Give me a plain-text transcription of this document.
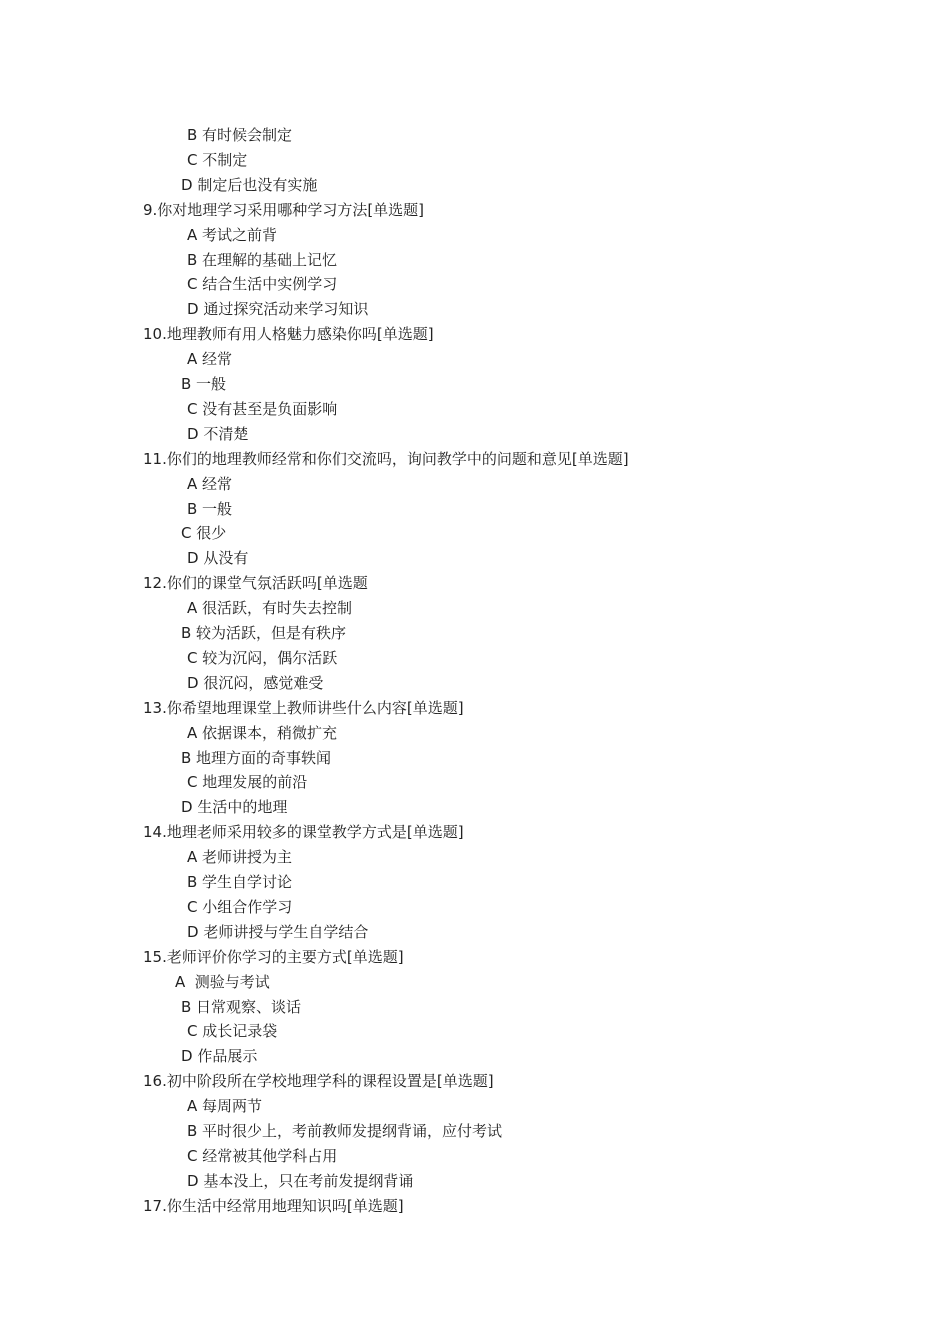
B 有时候会制定
C 不制定
D 制定后也没有实施
9.你对地理学习采用哪种学习方法[单选题]
A 考试之前背
B 在理解的基础上记忆
C 结合生活中实例学习
D 通过探究活动来学习知识
10.地理教师有用人格魅力感染你吗[单选题]
A 经常
B 一般
C 没有甚至是负面影响
D 不清楚
11.你们的地理教师经常和你们交流吗，询问教学中的问题和意见[单选题]
A 经常
B 一般
C 很少
D 从没有
12.你们的课堂气氛活跃吗[单选题
A 很活跃，有时失去控制
B 较为活跃，但是有秩序
C 较为沉闷，偶尔活跃
D 很沉闷，感觉难受
13.你希望地理课堂上教师讲些什么内容[单选题]
A 依据课本，稍微扩充
B 地理方面的奇事轶闻
C 地理发展的前沿
D 生活中的地理
14.地理老师采用较多的课堂教学方式是[单选题]
A 老师讲授为主
B 学生自学讨论
C 小组合作学习
D 老师讲授与学生自学结合
15.老师评价你学习的主要方式[单选题]
A  测验与考试
B 日常观察、谈话
C 成长记录袋
D 作品展示
16.初中阶段所在学校地理学科的课程设置是[单选题]
A 每周两节
B 平时很少上，考前教师发提纲背诵，应付考试
C 经常被其他学科占用
D 基本没上，只在考前发提纲背诵
17.你生活中经常用地理知识吗[单选题]
